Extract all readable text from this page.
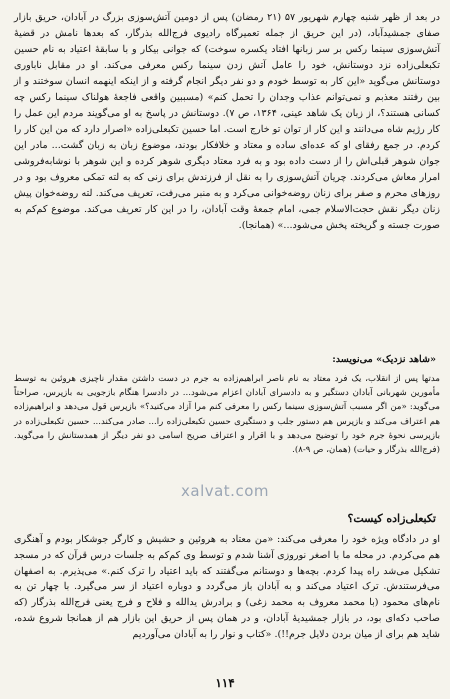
در بعد از ظهر شنبه چهارم شهریور ۵۷ (۲۱ رمضان) پس از دومین آتش‌سوزی بزرگ در آبادان، حریق بازار صفای جمشیدآباد، (در این حریق از جمله تعمیرگاه رادیوی فرج‌الله بذرگار، که بعدها نامش در قضیهٔ آتش‌سوزی سینما رکس بر سر زبانها افتاد یکسره سوخت) که جوانی بیکار و با سابقهٔ اعتیاد به نام حسین تکبعلی‌زاده نزد دوستانش، خود را عامل آتش زدن سینما رکس معرفی می‌کند. او در مقابل ناباوری دوستانش می‌گوید «این کار به توسط خودم و دو نفر دیگر انجام گرفته و از اینکه اینهمه انسان سوختند و از بین رفتند معذبم و نمی‌توانم عذاب وجدان را تحمل کنم» (مسببین واقعی فاجعهٔ هولناک سینما رکس چه کسانی هستند؟، از زبان یک شاهد عینی، ۱۳۶۴، ص ۷). دوستانش در پاسخ به او می‌گویند مردم این عمل را کار رژیم شاه می‌دانند و این کار از توان تو خارج است. اما حسین تکبعلی‌زاده «اصرار دارد که من این کار را کردم. در جمع رفقای او که عده‌ای ساده و معتاد و خلافکار بودند، موضوع زبان به زبان گشت... مادر این جوان شوهر قبلی‌اش را از دست داده بود و به فرد معتاد دیگری شوهر کرده و این شوهر با نوشابه‌فروشی امرار معاش می‌کردند. چریان آتش‌سوزی را به نقل از فرزندش برای زنی که به لته تمکی معروف بود و در روزهای محرم و صفر برای زنان روضه‌خوانی می‌کرد و به منبر می‌رفت، تعریف می‌کند. لته روضه‌خوان پیش زنان دیگر نقش حجت‌الاسلام جمی، امام جمعهٔ وقت آبادان، را در این کار تعریف می‌کند. موضوع کم‌کم به صورت جسته و گریخته پخش می‌شود...» (همانجا).

«شاهد نزدیک» می‌نویسد:
مدتها پس از انقلاب، یک فرد معتاد به نام ناصر ابراهیم‌زاده به جرم در دست داشتن مقدار ناچیزی هروئین به توسط مأمورین شهربانی آبادان دستگیر و به دادسرای آبادان اعزام می‌شود... در دادسرا هنگام بازجویی به بازپرس، صراحتاً می‌گوید: «من اگر مسبب آتش‌سوزی سینما رکس را معرفی کنم مرا آزاد می‌کنید؟» بازپرس قول می‌دهد و ابراهیم‌زاده هم اعتراف می‌کند و بازپرس هم دستور جلب و دستگیری حسین تکبعلی‌زاده را... صادر می‌کند... حسین تکبعلی‌زاده در بازپرسی نحوهٔ جرم خود را توضیح می‌دهد و با اقرار و اعتراف صریح اسامی دو نفر دیگر از همدستانش را می‌گوید. (فرج‌الله بذرگار و حیات) (همان، ص ۹-۸).
xalvat.com
تکبعلی‌زاده کیست؟

او در دادگاه ویژه خود را معرفی می‌کند: «من معتاد به هروئین و حشیش و کارگر جوشکار بودم و آهنگری هم می‌کردم. در محله ما با اصغر نوروزی آشنا شدم و توسط وی کم‌کم به جلسات درس قرآن که در مسجد تشکیل می‌شد راه پیدا کردم. بچه‌ها و دوستانم می‌گفتند که باید اعتیاد را ترک کنم.» می‌پذیرم. به اصفهان می‌فرستندش. ترک اعتیاد می‌کند و به آبادان باز می‌گردد و دوباره اعتیاد از سر می‌گیرد. با چهار تن به نام‌های محمود (با محمد معروف به محمد زغی) و برادرش یدالله و فلاح و فرج یعنی فرج‌الله بذرگار (که صاحب دکه‌ای بود، در بازار جمشیدیهٔ آبادان، و در همان پس از حریق این بازار هم از همانجا شروع شده، شاید هم برای از میان بردن دلایل جرم!!). «کتاب و نوار را به آبادان می‌آوردیم

۱۱۴
